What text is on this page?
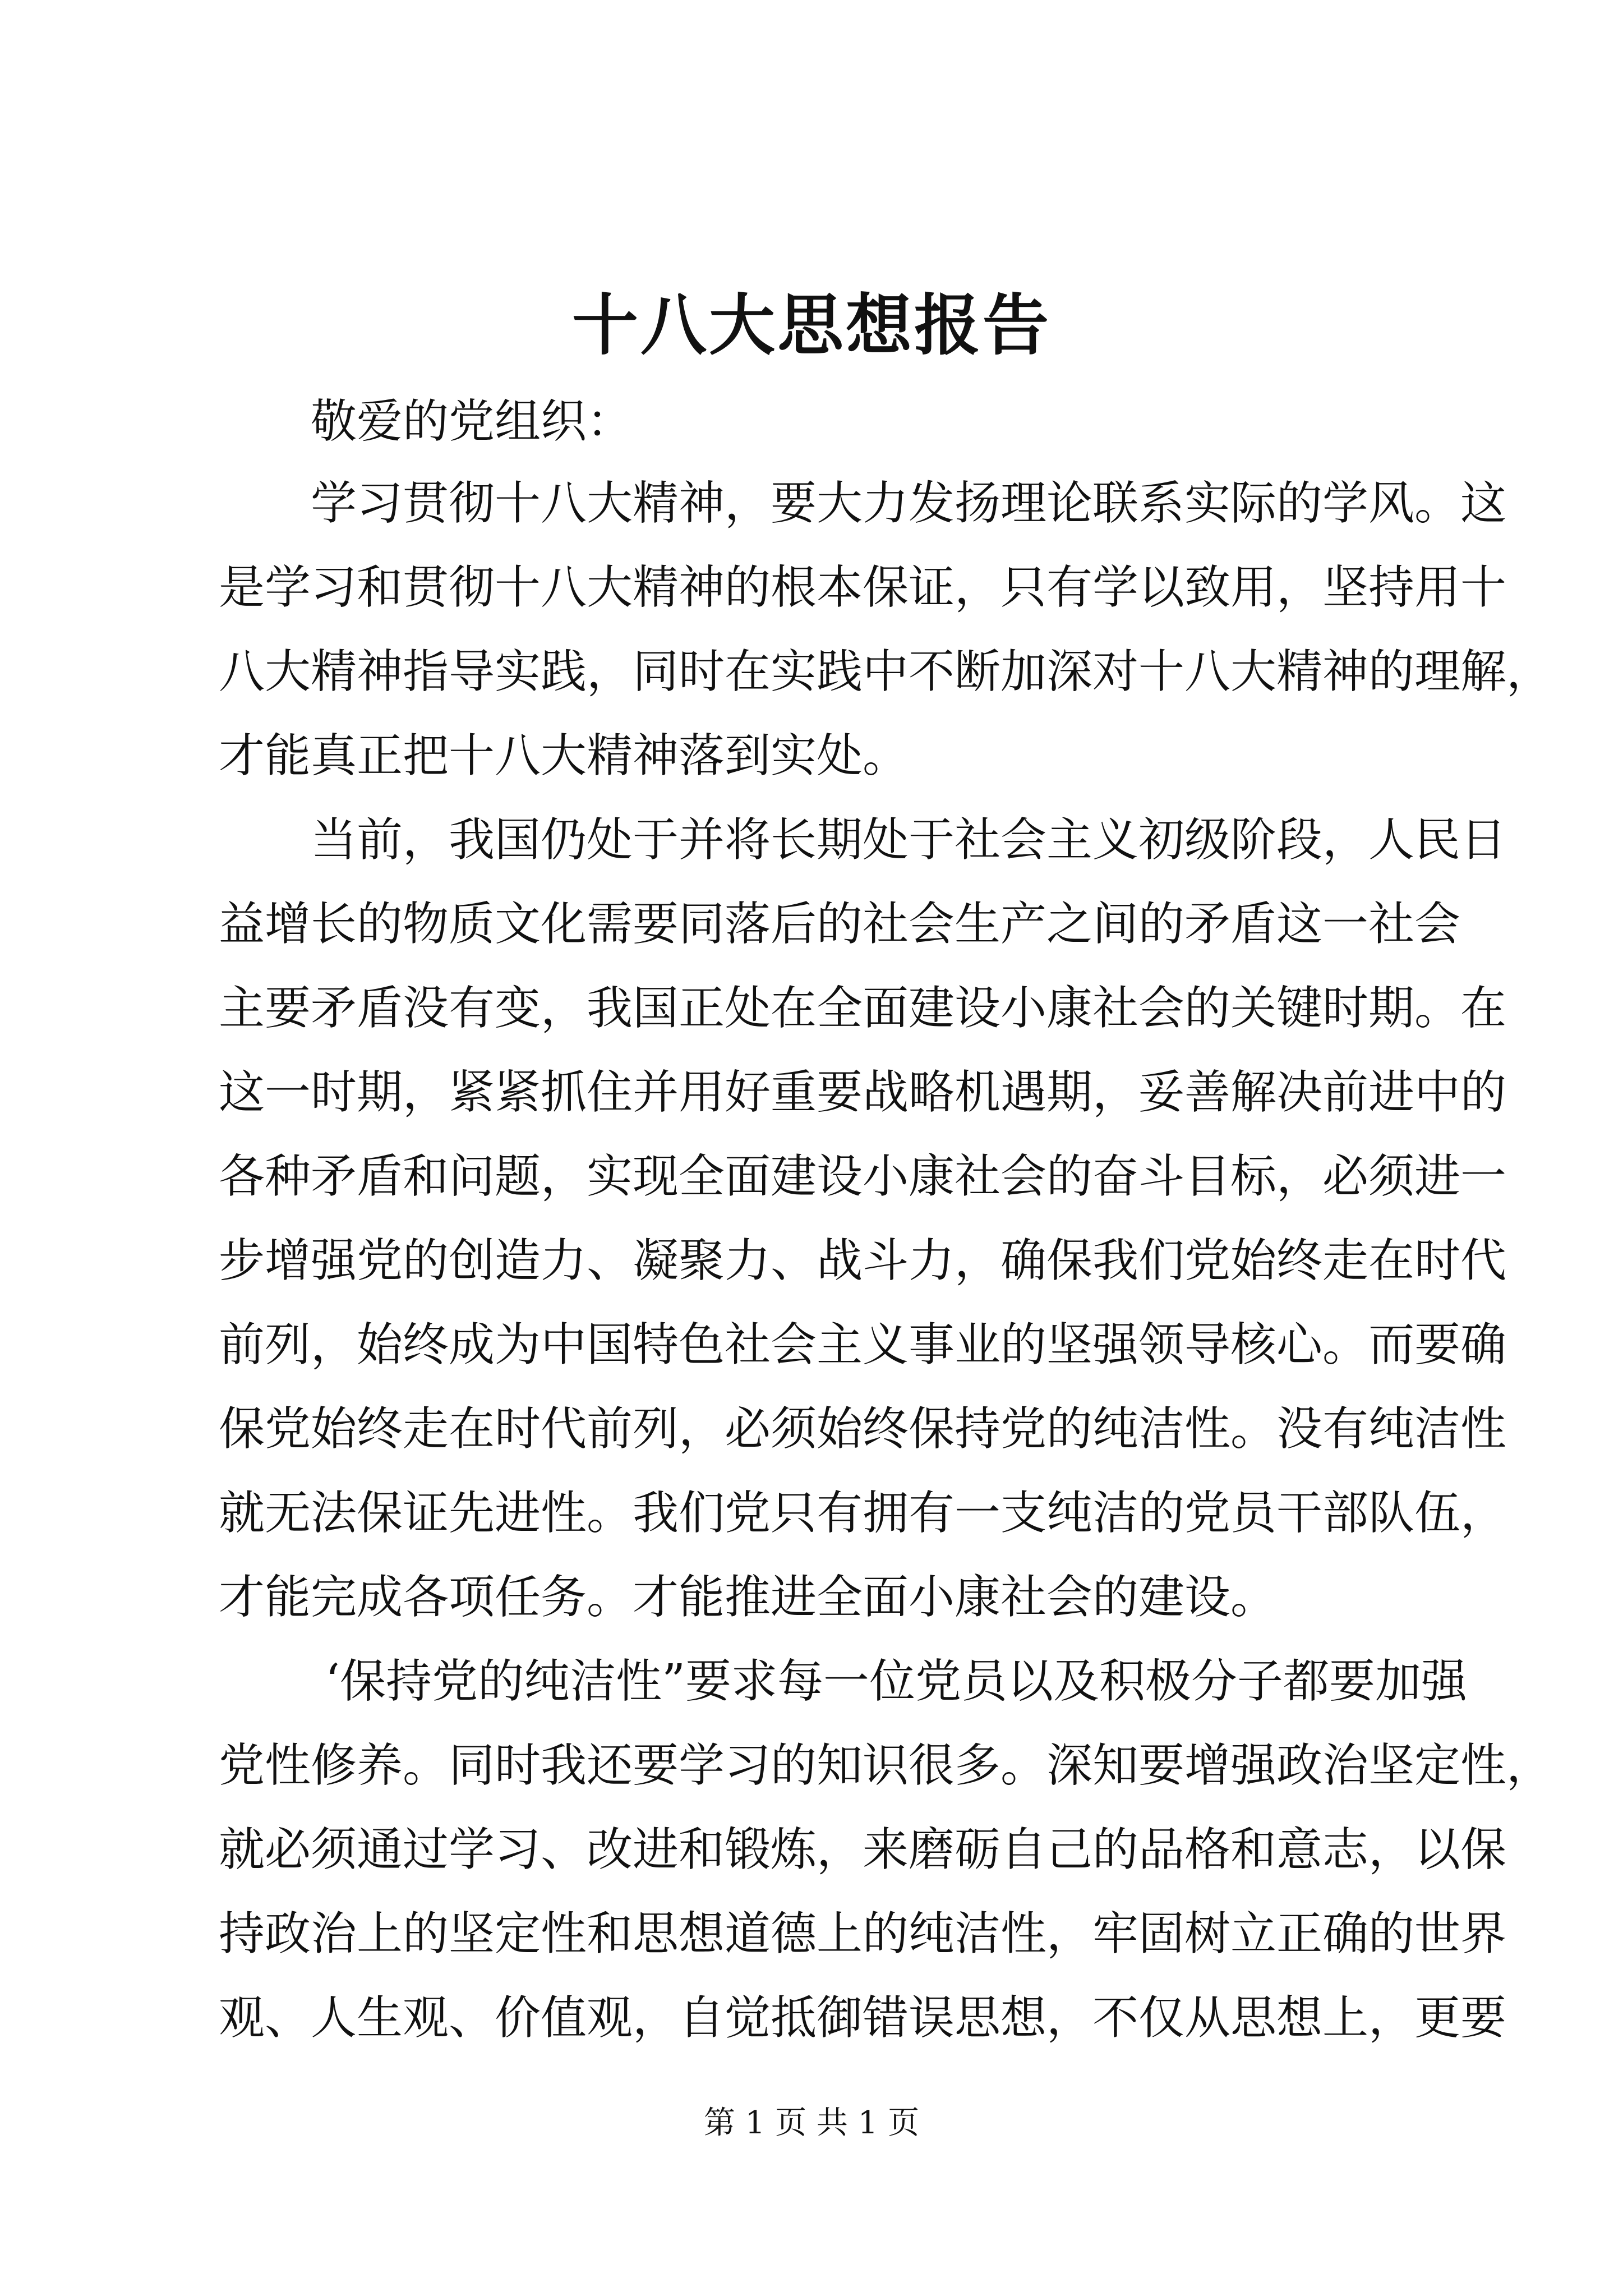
十八大思想报告
敬爱的党组织：
学习贯彻十八大精神，要大力发扬理论联系实际的学风。这
是学习和贯彻十八大精神的根本保证，只有学以致用，坚持用十
八大精神指导实践，同时在实践中不断加深对十八大精神的理解，
才能真正把十八大精神落到实处。
当前，我国仍处于并将长期处于社会主义初级阶段，人民日
益增长的物质文化需要同落后的社会生产之间的矛盾这一社会
主要矛盾没有变，我国正处在全面建设小康社会的关键时期。在
这一时期，紧紧抓住并用好重要战略机遇期，妥善解决前进中的
各种矛盾和问题，实现全面建设小康社会的奋斗目标，必须进一
步增强党的创造力、凝聚力、战斗力，确保我们党始终走在时代
前列，始终成为中国特色社会主义事业的坚强领导核心。而要确
保党始终走在时代前列，必须始终保持党的纯洁性。没有纯洁性
就无法保证先进性。我们党只有拥有一支纯洁的党员干部队伍，
才能完成各项任务。才能推进全面小康社会的建设。
‘保持党的纯洁性”要求每一位党员以及积极分子都要加强
党性修养。同时我还要学习的知识很多。深知要增强政治坚定性，
就必须通过学习、改进和锻炼，来磨砺自己的品格和意志，以保
持政治上的坚定性和思想道德上的纯洁性，牢固树立正确的世界
观、人生观、价值观，自觉抵御错误思想，不仅从思想上，更要
第 1 页 共 1 页
